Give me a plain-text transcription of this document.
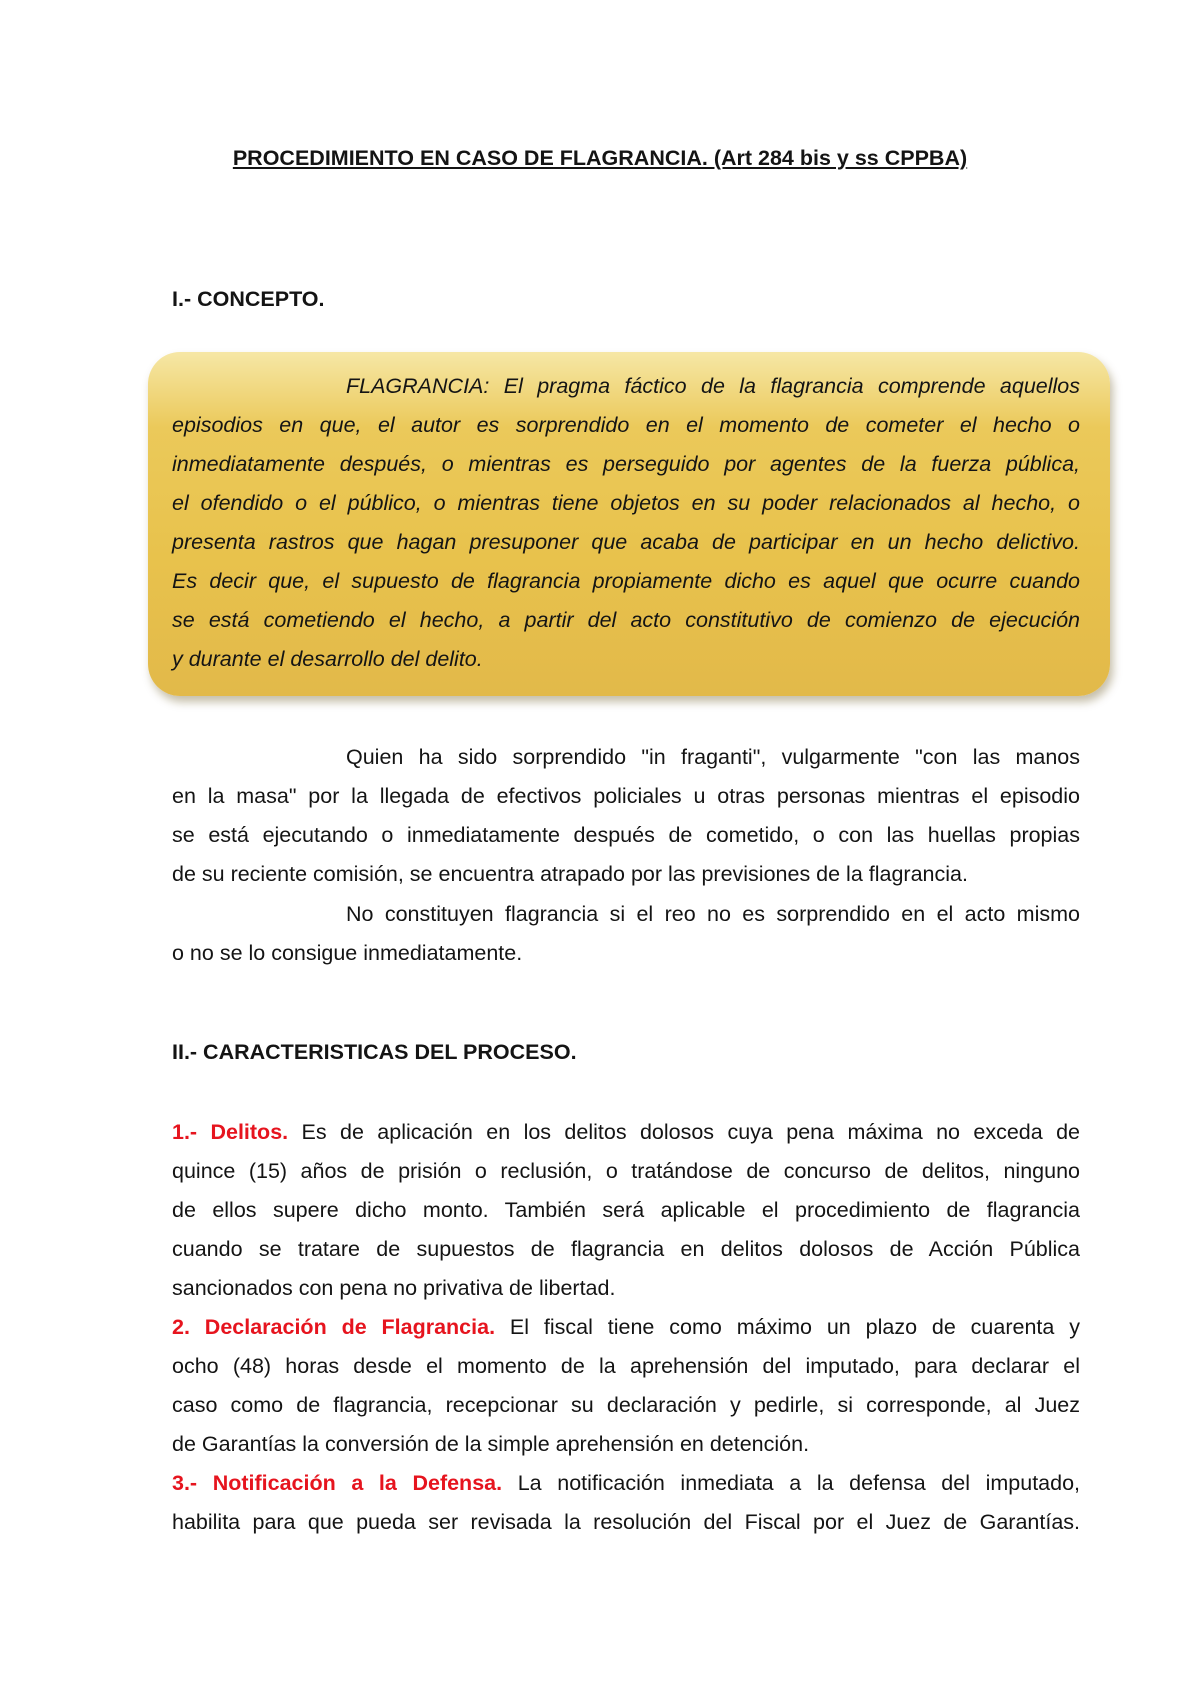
PROCEDIMIENTO EN CASO DE FLAGRANCIA. (Art 284 bis y ss CPPBA)
I.- CONCEPTO.
FLAGRANCIA: El pragma fáctico de la flagrancia comprende aquellos
episodios en que, el autor es sorprendido en el momento de cometer el hecho o
inmediatamente después, o mientras es perseguido por agentes de la fuerza pública,
el ofendido o el público, o mientras tiene objetos en su poder relacionados al hecho, o
presenta rastros que hagan presuponer que acaba de participar en un hecho delictivo.
Es decir que, el supuesto de flagrancia propiamente dicho es aquel que ocurre cuando
se está cometiendo el hecho, a partir del acto constitutivo de comienzo de ejecución
y durante el desarrollo del delito.
Quien ha sido sorprendido "in fraganti", vulgarmente "con las manos
en la masa" por la llegada de efectivos policiales u otras personas mientras el episodio
se está ejecutando o inmediatamente después de cometido, o con las huellas propias
de su reciente comisión, se encuentra atrapado por las previsiones de la flagrancia.
No constituyen flagrancia si el reo no es sorprendido en el acto mismo
o no se lo consigue inmediatamente.
II.- CARACTERISTICAS DEL PROCESO.
1.- Delitos. Es de aplicación en los delitos dolosos cuya pena máxima no exceda de
quince (15) años de prisión o reclusión, o tratándose de concurso de delitos, ninguno
de ellos supere dicho monto. También será aplicable el procedimiento de flagrancia
cuando se tratare de supuestos de flagrancia en delitos dolosos de Acción Pública
sancionados con pena no privativa de libertad.
2. Declaración de Flagrancia. El fiscal tiene como máximo un plazo de cuarenta y
ocho (48) horas desde el momento de la aprehensión del imputado, para declarar el
caso como de flagrancia, recepcionar su declaración y pedirle, si corresponde, al Juez
de Garantías la conversión de la simple aprehensión en detención.
3.- Notificación a la Defensa. La notificación inmediata a la defensa del imputado,
habilita para que pueda ser revisada la resolución del Fiscal por el Juez de Garantías.
